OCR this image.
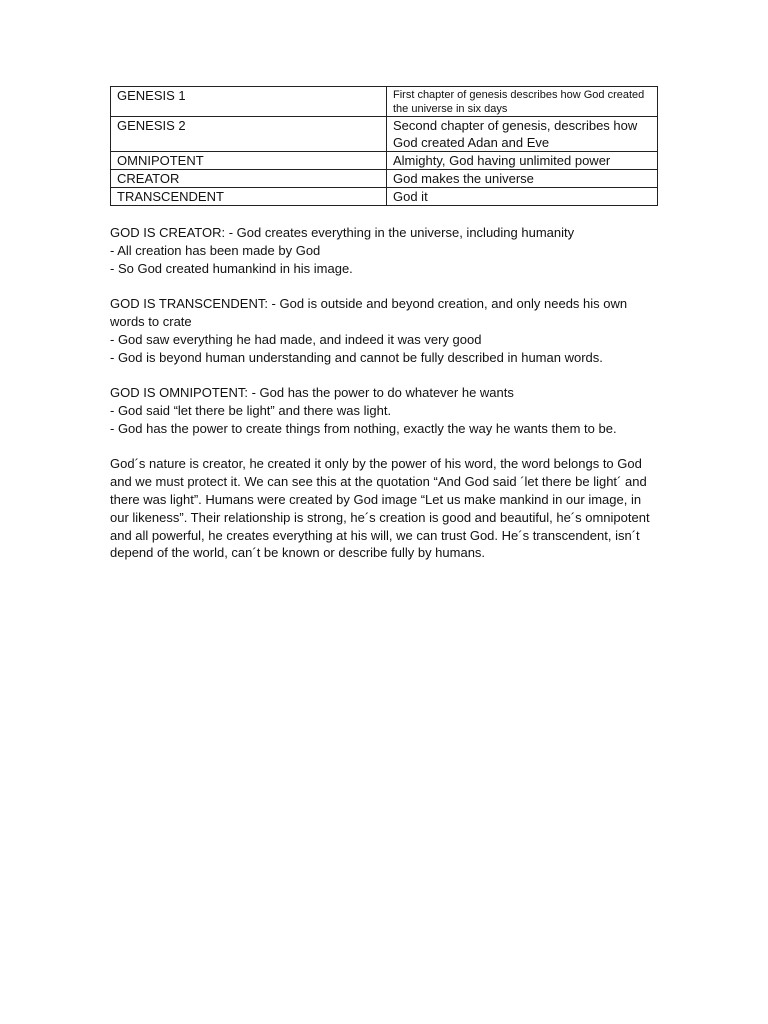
GENESIS 1	First chapter of genesis describes how God created the universe in six days
GENESIS 2	Second chapter of genesis, describes how God created Adan and Eve
OMNIPOTENT	Almighty, God having unlimited power
CREATOR	God makes the universe
TRANSCENDENT	God it

GOD IS CREATOR: - God creates everything in the universe, including humanity

- All creation has been made by God

- So God created humankind in his image.

GOD IS TRANSCENDENT: - God is outside and beyond creation, and only needs his own words to crate

- God saw everything he had made, and indeed it was very good

- God is beyond human understanding and cannot be fully described in human words.

GOD IS OMNIPOTENT: - God has the power to do whatever he wants

- God said “let there be light” and there was light.

- God has the power to create things from nothing, exactly the way he wants them to be.

God´s nature is creator, he created it only by the power of his word, the word belongs to God and we must protect it. We can see this at the quotation “And God said ´let there be light´ and there was light”. Humans were created by God image “Let us make mankind in our image, in our likeness”. Their relationship is strong, he´s creation is good and beautiful, he´s omnipotent and all powerful, he creates everything at his will, we can trust God. He´s transcendent, isn´t depend of the world, can´t be known or describe fully by humans.
